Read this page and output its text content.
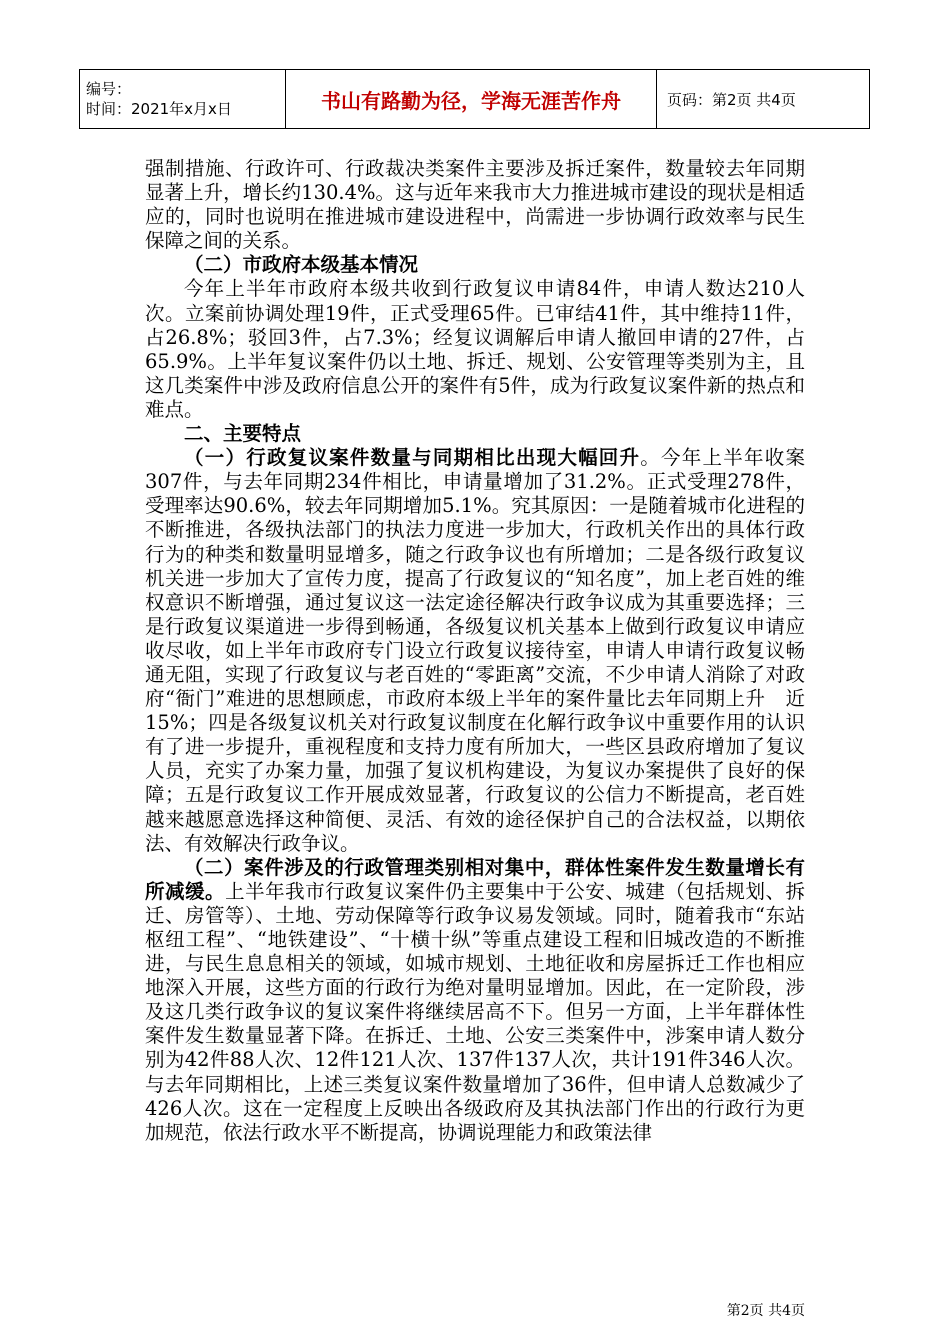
编号：
时间：2021年x月x日	书山有路勤为径，学海无涯苦作舟	页码：第2页 共4页

强制措施、行政许可、行政裁决类案件主要涉及拆迁案件，数量较去年同期显著上升，增长约130.4%。这与近年来我市大力推进城市建设的现状是相适应的，同时也说明在推进城市建设进程中，尚需进一步协调行政效率与民生保障之间的关系。

（二）市政府本级基本情况

今年上半年市政府本级共收到行政复议申请84件，申请人数达210人次。立案前协调处理19件，正式受理65件。已审结41件，其中维持11件，占26.8%；驳回3件，占7.3%；经复议调解后申请人撤回申请的27件，占65.9%。上半年复议案件仍以土地、拆迁、规划、公安管理等类别为主，且这几类案件中涉及政府信息公开的案件有5件，成为行政复议案件新的热点和难点。

二、主要特点

（一）行政复议案件数量与同期相比出现大幅回升。今年上半年收案307件，与去年同期234件相比，申请量增加了31.2%。正式受理278件，受理率达90.6%，较去年同期增加5.1%。究其原因：一是随着城市化进程的不断推进，各级执法部门的执法力度进一步加大，行政机关作出的具体行政行为的种类和数量明显增多，随之行政争议也有所增加；二是各级行政复议机关进一步加大了宣传力度，提高了行政复议的“知名度”，加上老百姓的维权意识不断增强，通过复议这一法定途径解决行政争议成为其重要选择；三是行政复议渠道进一步得到畅通，各级复议机关基本上做到行政复议申请应收尽收，如上半年市政府专门设立行政复议接待室，申请人申请行政复议畅通无阻，实现了行政复议与老百姓的“零距离”交流，不少申请人消除了对政府“衙门”难进的思想顾虑，市政府本级上半年的案件量比去年同期上升　近15%；四是各级复议机关对行政复议制度在化解行政争议中重要作用的认识有了进一步提升，重视程度和支持力度有所加大，一些区县政府增加了复议人员，充实了办案力量，加强了复议机构建设，为复议办案提供了良好的保障；五是行政复议工作开展成效显著，行政复议的公信力不断提高，老百姓越来越愿意选择这种简便、灵活、有效的途径保护自己的合法权益，以期依法、有效解决行政争议。

（二）案件涉及的行政管理类别相对集中，群体性案件发生数量增长有所减缓。上半年我市行政复议案件仍主要集中于公安、城建（包括规划、拆迁、房管等）、土地、劳动保障等行政争议易发领域。同时，随着我市“东站枢纽工程”、“地铁建设”、“十横十纵”等重点建设工程和旧城改造的不断推进，与民生息息相关的领域，如城市规划、土地征收和房屋拆迁工作也相应地深入开展，这些方面的行政行为绝对量明显增加。因此，在一定阶段，涉及这几类行政争议的复议案件将继续居高不下。但另一方面，上半年群体性案件发生数量显著下降。在拆迁、土地、公安三类案件中，涉案申请人数分别为42件88人次、12件121人次、137件137人次，共计191件346人次。与去年同期相比，上述三类复议案件数量增加了36件，但申请人总数减少了426人次。这在一定程度上反映出各级政府及其执法部门作出的行政行为更加规范，依法行政水平不断提高，协调说理能力和政策法律

第2页 共4页
